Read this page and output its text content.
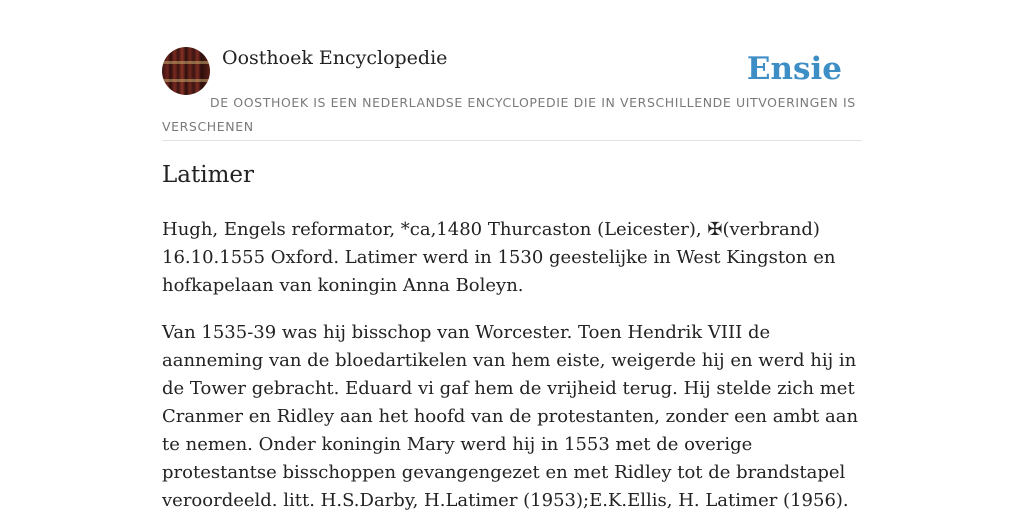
Oosthoek Encyclopedie	Ensie
DE OOSTHOEK IS EEN NEDERLANDSE ENCYCLOPEDIE DIE IN VERSCHILLENDE UITVOERINGEN IS VERSCHENEN
Latimer

Hugh, Engels reformator, *ca,1480 Thurcaston (Leicester), ✠(verbrand) 16.10.1555 Oxford. Latimer werd in 1530 geestelijke in West Kingston en hofkapelaan van koningin Anna Boleyn.

Van 1535-39 was hij bisschop van Worcester. Toen Hendrik VIII de aanneming van de bloedartikelen van hem eiste, weigerde hij en werd hij in de Tower gebracht. Eduard vi gaf hem de vrijheid terug. Hij stelde zich met Cranmer en Ridley aan het hoofd van de protestanten, zonder een ambt aan te nemen. Onder koningin Mary werd hij in 1553 met de overige protestantse bisschoppen gevangengezet en met Ridley tot de brandstapel veroordeeld. litt. H.S.Darby, H.Latimer (1953);E.K.Ellis, H. Latimer (1956).
